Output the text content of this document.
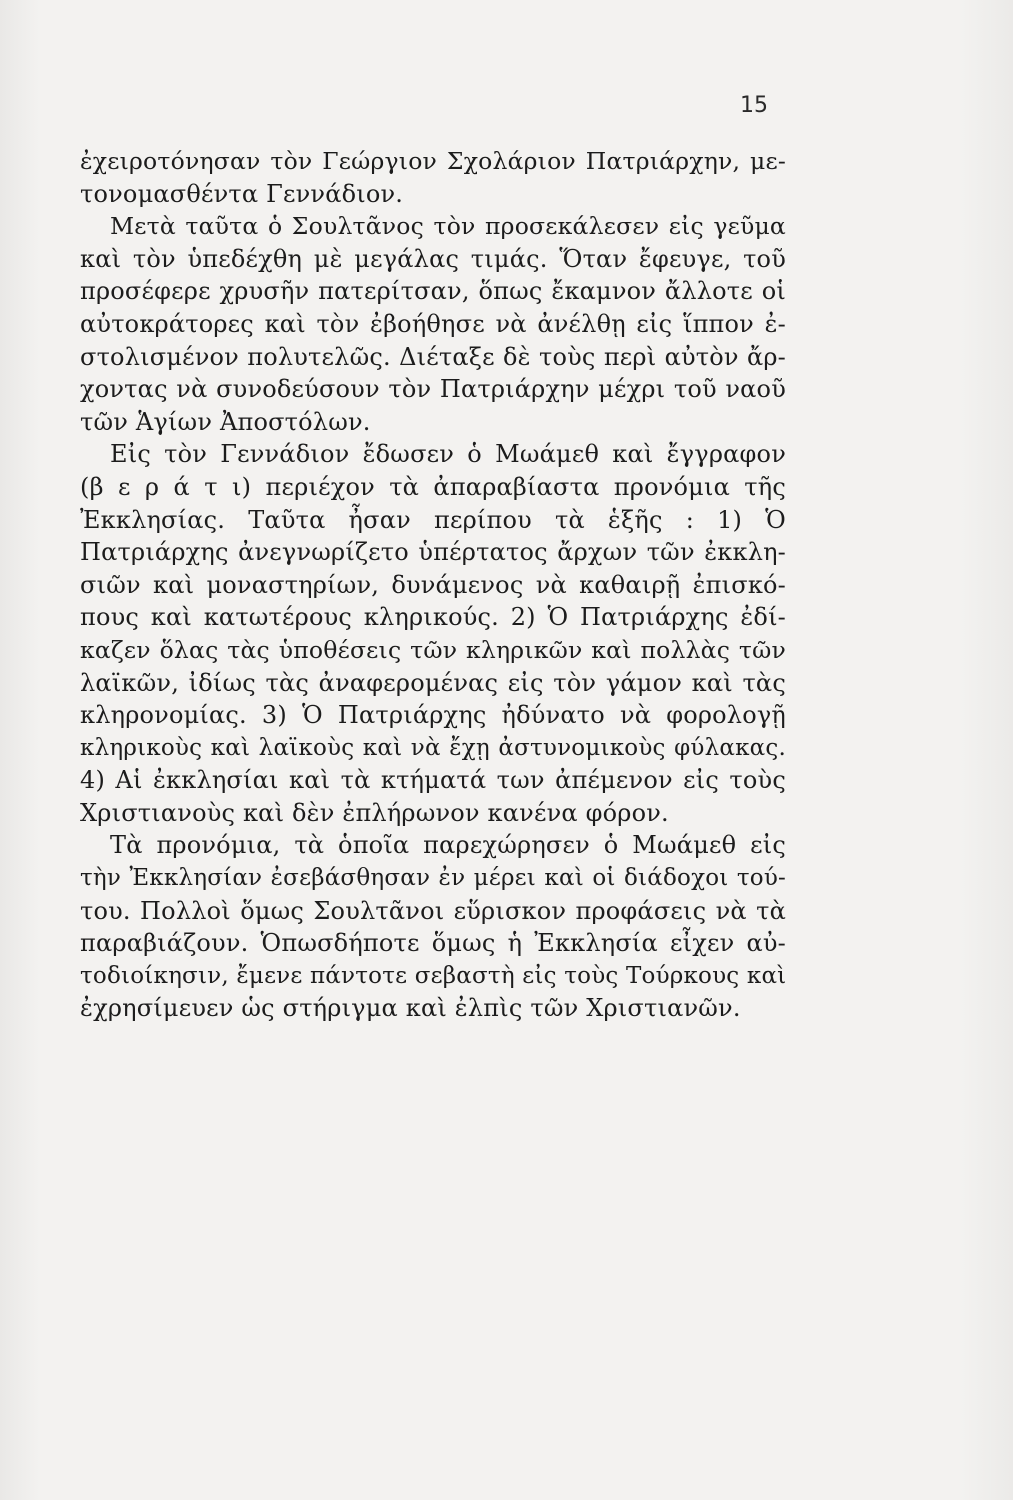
15
ἐχειροτόνησαν τὸν Γεώργιον Σχολάριον Πατριάρχην, με-
τονομασθέντα Γεννάδιον.
Μετὰ ταῦτα ὁ Σουλτᾶνος τὸν προσεκάλεσεν εἰς γεῦμα
καὶ τὸν ὑπεδέχθη μὲ μεγάλας τιμάς. Ὅταν ἔφευγε, τοῦ
προσέφερε χρυσῆν πατερίτσαν, ὅπως ἔκαμνον ἄλλοτε οἱ
αὐτοκράτορες καὶ τὸν ἐβοήθησε νὰ ἀνέλθῃ εἰς ἵππον ἐ-
στολισμένον πολυτελῶς. Διέταξε δὲ τοὺς περὶ αὐτὸν ἄρ-
χοντας νὰ συνοδεύσουν τὸν Πατριάρχην μέχρι τοῦ ναοῦ
τῶν Ἁγίων Ἀποστόλων.
Εἰς τὸν Γεννάδιον ἔδωσεν ὁ Μωάμεθ καὶ ἔγγραφον
(β ε ρ ά τ ι) περιέχον τὰ ἀπαραβίαστα προνόμια τῆς
Ἐκκλησίας. Ταῦτα ἦσαν περίπου τὰ ἑξῆς : 1) Ὁ
Πατριάρχης ἀνεγνωρίζετο ὑπέρτατος ἄρχων τῶν ἐκκλη-
σιῶν καὶ μοναστηρίων, δυνάμενος νὰ καθαιρῇ ἐπισκό-
πους καὶ κατωτέρους κληρικούς. 2) Ὁ Πατριάρχης ἐδί-
καζεν ὅλας τὰς ὑποθέσεις τῶν κληρικῶν καὶ πολλὰς τῶν
λαϊκῶν, ἰδίως τὰς ἀναφερομένας εἰς τὸν γάμον καὶ τὰς
κληρονομίας. 3) Ὁ Πατριάρχης ἠδύνατο νὰ φορολογῇ
κληρικοὺς καὶ λαϊκοὺς καὶ νὰ ἔχῃ ἀστυνομικοὺς φύλακας.
4) Αἱ ἐκκλησίαι καὶ τὰ κτήματά των ἀπέμενον εἰς τοὺς
Χριστιανοὺς καὶ δὲν ἐπλήρωνον κανένα φόρον.
Τὰ προνόμια, τὰ ὁποῖα παρεχώρησεν ὁ Μωάμεθ εἰς
τὴν Ἐκκλησίαν ἐσεβάσθησαν ἐν μέρει καὶ οἱ διάδοχοι τού-
του. Πολλοὶ ὅμως Σουλτᾶνοι εὕρισκον προφάσεις νὰ τὰ
παραβιάζουν. Ὁπωσδήποτε ὅμως ἡ Ἐκκλησία εἶχεν αὐ-
τοδιοίκησιν, ἔμενε πάντοτε σεβαστὴ εἰς τοὺς Τούρκους καὶ
ἐχρησίμευεν ὡς στήριγμα καὶ ἐλπὶς τῶν Χριστιανῶν.
